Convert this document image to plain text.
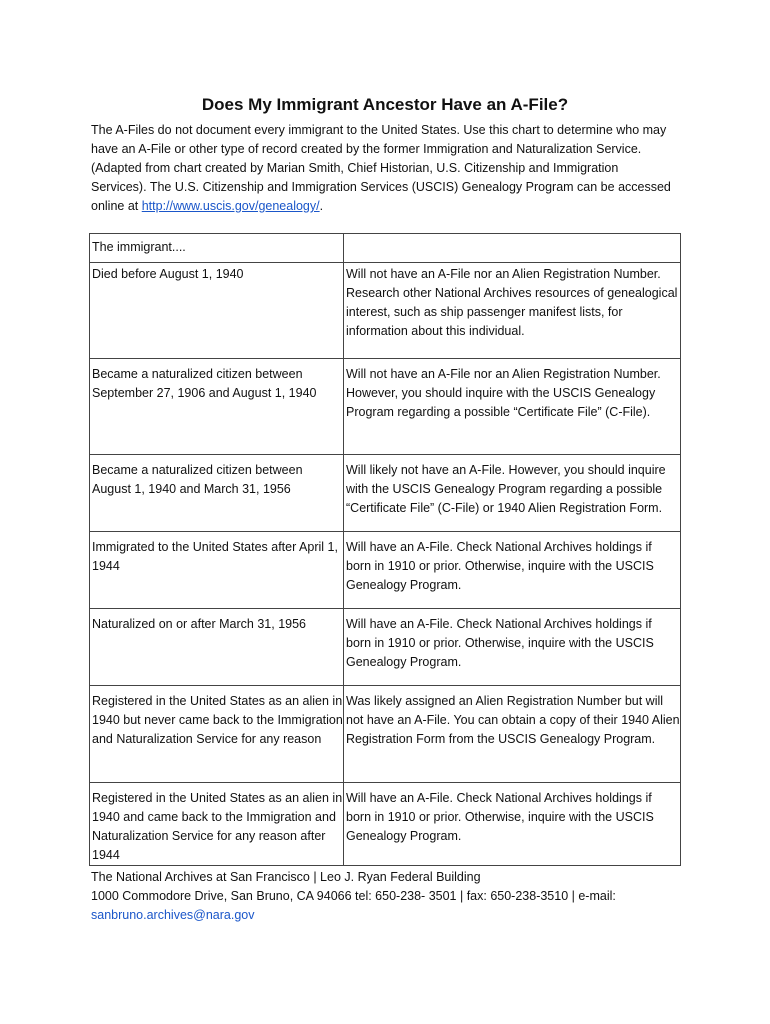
Does My Immigrant Ancestor Have an A-File?
The A-Files do not document every immigrant to the United States. Use this chart to determine who may have an A-File or other type of record created by the former Immigration and Naturalization Service. (Adapted from chart created by Marian Smith, Chief Historian, U.S. Citizenship and Immigration Services). The U.S. Citizenship and Immigration Services (USCIS) Genealogy Program can be accessed online at http://www.uscis.gov/genealogy/.
The immigrant....	
Died before August 1, 1940	Will not have an A-File nor an Alien Registration Number. Research other National Archives resources of genealogical interest, such as ship passenger manifest lists, for information about this individual.
Became a naturalized citizen between September 27, 1906 and August 1, 1940	Will not have an A-File nor an Alien Registration Number. However, you should inquire with the USCIS Genealogy Program regarding a possible “Certificate File” (C-File).
Became a naturalized citizen between August 1, 1940 and March 31, 1956	Will likely not have an A-File. However, you should inquire with the USCIS Genealogy Program regarding a possible “Certificate File” (C-File) or 1940 Alien Registration Form.
Immigrated to the United States after April 1, 1944	Will have an A-File. Check National Archives holdings if born in 1910 or prior. Otherwise, inquire with the USCIS Genealogy Program.
Naturalized on or after March 31, 1956	Will have an A-File. Check National Archives holdings if born in 1910 or prior. Otherwise, inquire with the USCIS Genealogy Program.
Registered in the United States as an alien in 1940 but never came back to the Immigration and Naturalization Service for any reason	Was likely assigned an Alien Registration Number but will not have an A-File. You can obtain a copy of their 1940 Alien Registration Form from the USCIS Genealogy Program.
Registered in the United States as an alien in 1940 and came back to the Immigration and Naturalization Service for any reason after 1944	Will have an A-File. Check National Archives holdings if born in 1910 or prior. Otherwise, inquire with the USCIS Genealogy Program.
The National Archives at San Francisco | Leo J. Ryan Federal Building
1000 Commodore Drive, San Bruno, CA 94066 tel: 650-238- 3501 | fax: 650-238-3510 | e-mail:
sanbruno.archives@nara.gov
